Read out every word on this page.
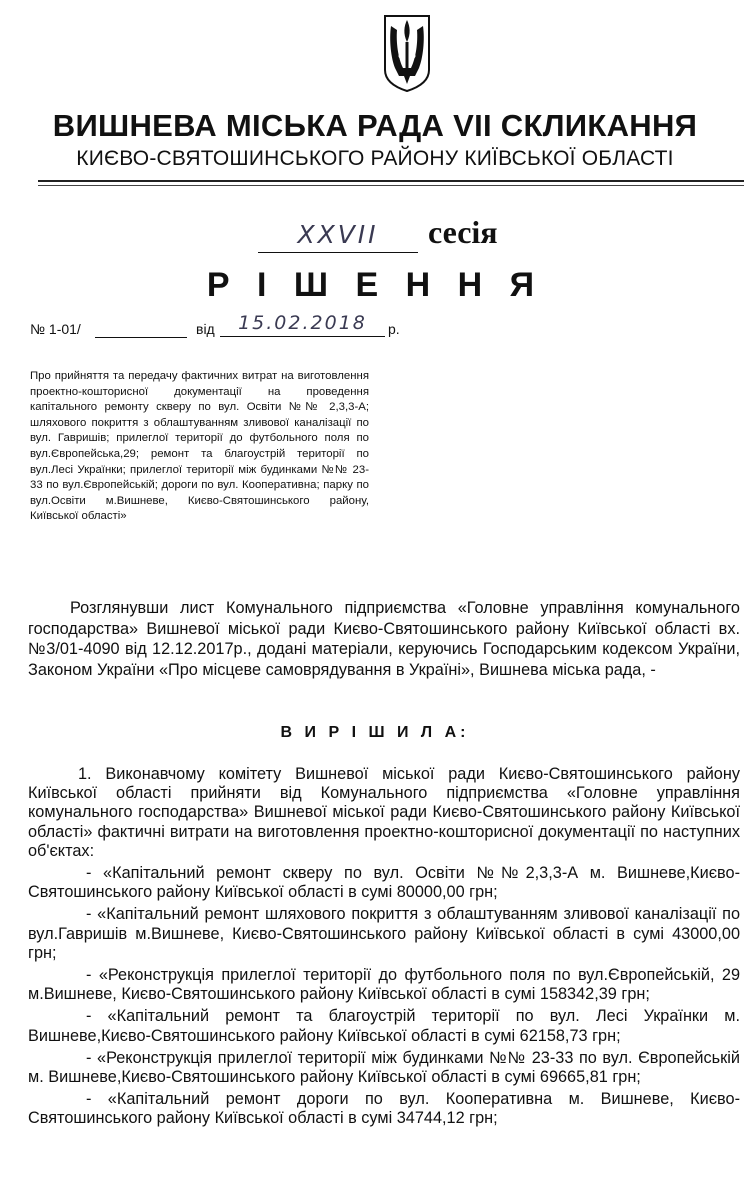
ВИШНЕВА МІСЬКА РАДА VII СКЛИКАННЯ
КИЄВО-СВЯТОШИНСЬКОГО РАЙОНУ КИЇВСЬКОЇ ОБЛАСТІ
XXVII	сесія
Р І Ш Е Н Н Я
№ 1-01/	від	15.02.2018	р.
Про прийняття та передачу фактичних витрат на виготовлення проектно-кошторисної документації на проведення капітального ремонту скверу по вул. Освіти №№ 2,3,3-А; шляхового покриття з облаштуванням зливової каналізації по вул. Гавришів; прилеглої території до футбольного поля по вул.Європейська,29; ремонт та благоустрій території по вул.Лесі Українки; прилеглої території між будинками №№ 23-33 по вул.Європейській; дороги по вул. Кооперативна; парку по вул.Освіти м.Вишневе, Києво-Святошинського району, Київської області»
Розглянувши лист Комунального підприємства «Головне управління комунального господарства» Вишневої міської ради Києво-Святошинського району Київської області вх. №3/01-4090 від 12.12.2017р., додані матеріали, керуючись Господарським кодексом України, Законом України «Про місцеве самоврядування в Україні», Вишнева міська рада, -
В И Р І Ш И Л А:

1. Виконавчому комітету Вишневої міської ради Києво-Святошинського району Київської області прийняти від Комунального підприємства «Головне управління комунального господарства» Вишневої міської ради Києво-Святошинського району Київської області» фактичні витрати на виготовлення проектно-кошторисної документації по наступних об'єктах:

- «Капітальний ремонт скверу по вул. Освіти №№2,3,3-А м. Вишневе,Києво-Святошинського району Київської області в сумі 80000,00 грн;

- «Капітальний ремонт шляхового покриття з облаштуванням зливової каналізації по вул.Гавришів м.Вишневе, Києво-Святошинського району Київської області в сумі 43000,00 грн;

- «Реконструкція прилеглої території до футбольного поля по вул.Європейській, 29 м.Вишневе, Києво-Святошинського району Київської області в сумі 158342,39 грн;

- «Капітальний ремонт та благоустрій території по вул. Лесі Українки м. Вишневе,Києво-Святошинського району Київської області в сумі 62158,73 грн;

- «Реконструкція прилеглої території між будинками №№ 23-33 по вул. Європейській м. Вишневе,Києво-Святошинського району Київської області в сумі 69665,81 грн;

- «Капітальний ремонт дороги по вул. Кооперативна м. Вишневе, Києво-Святошинського району Київської області в сумі 34744,12 грн;
